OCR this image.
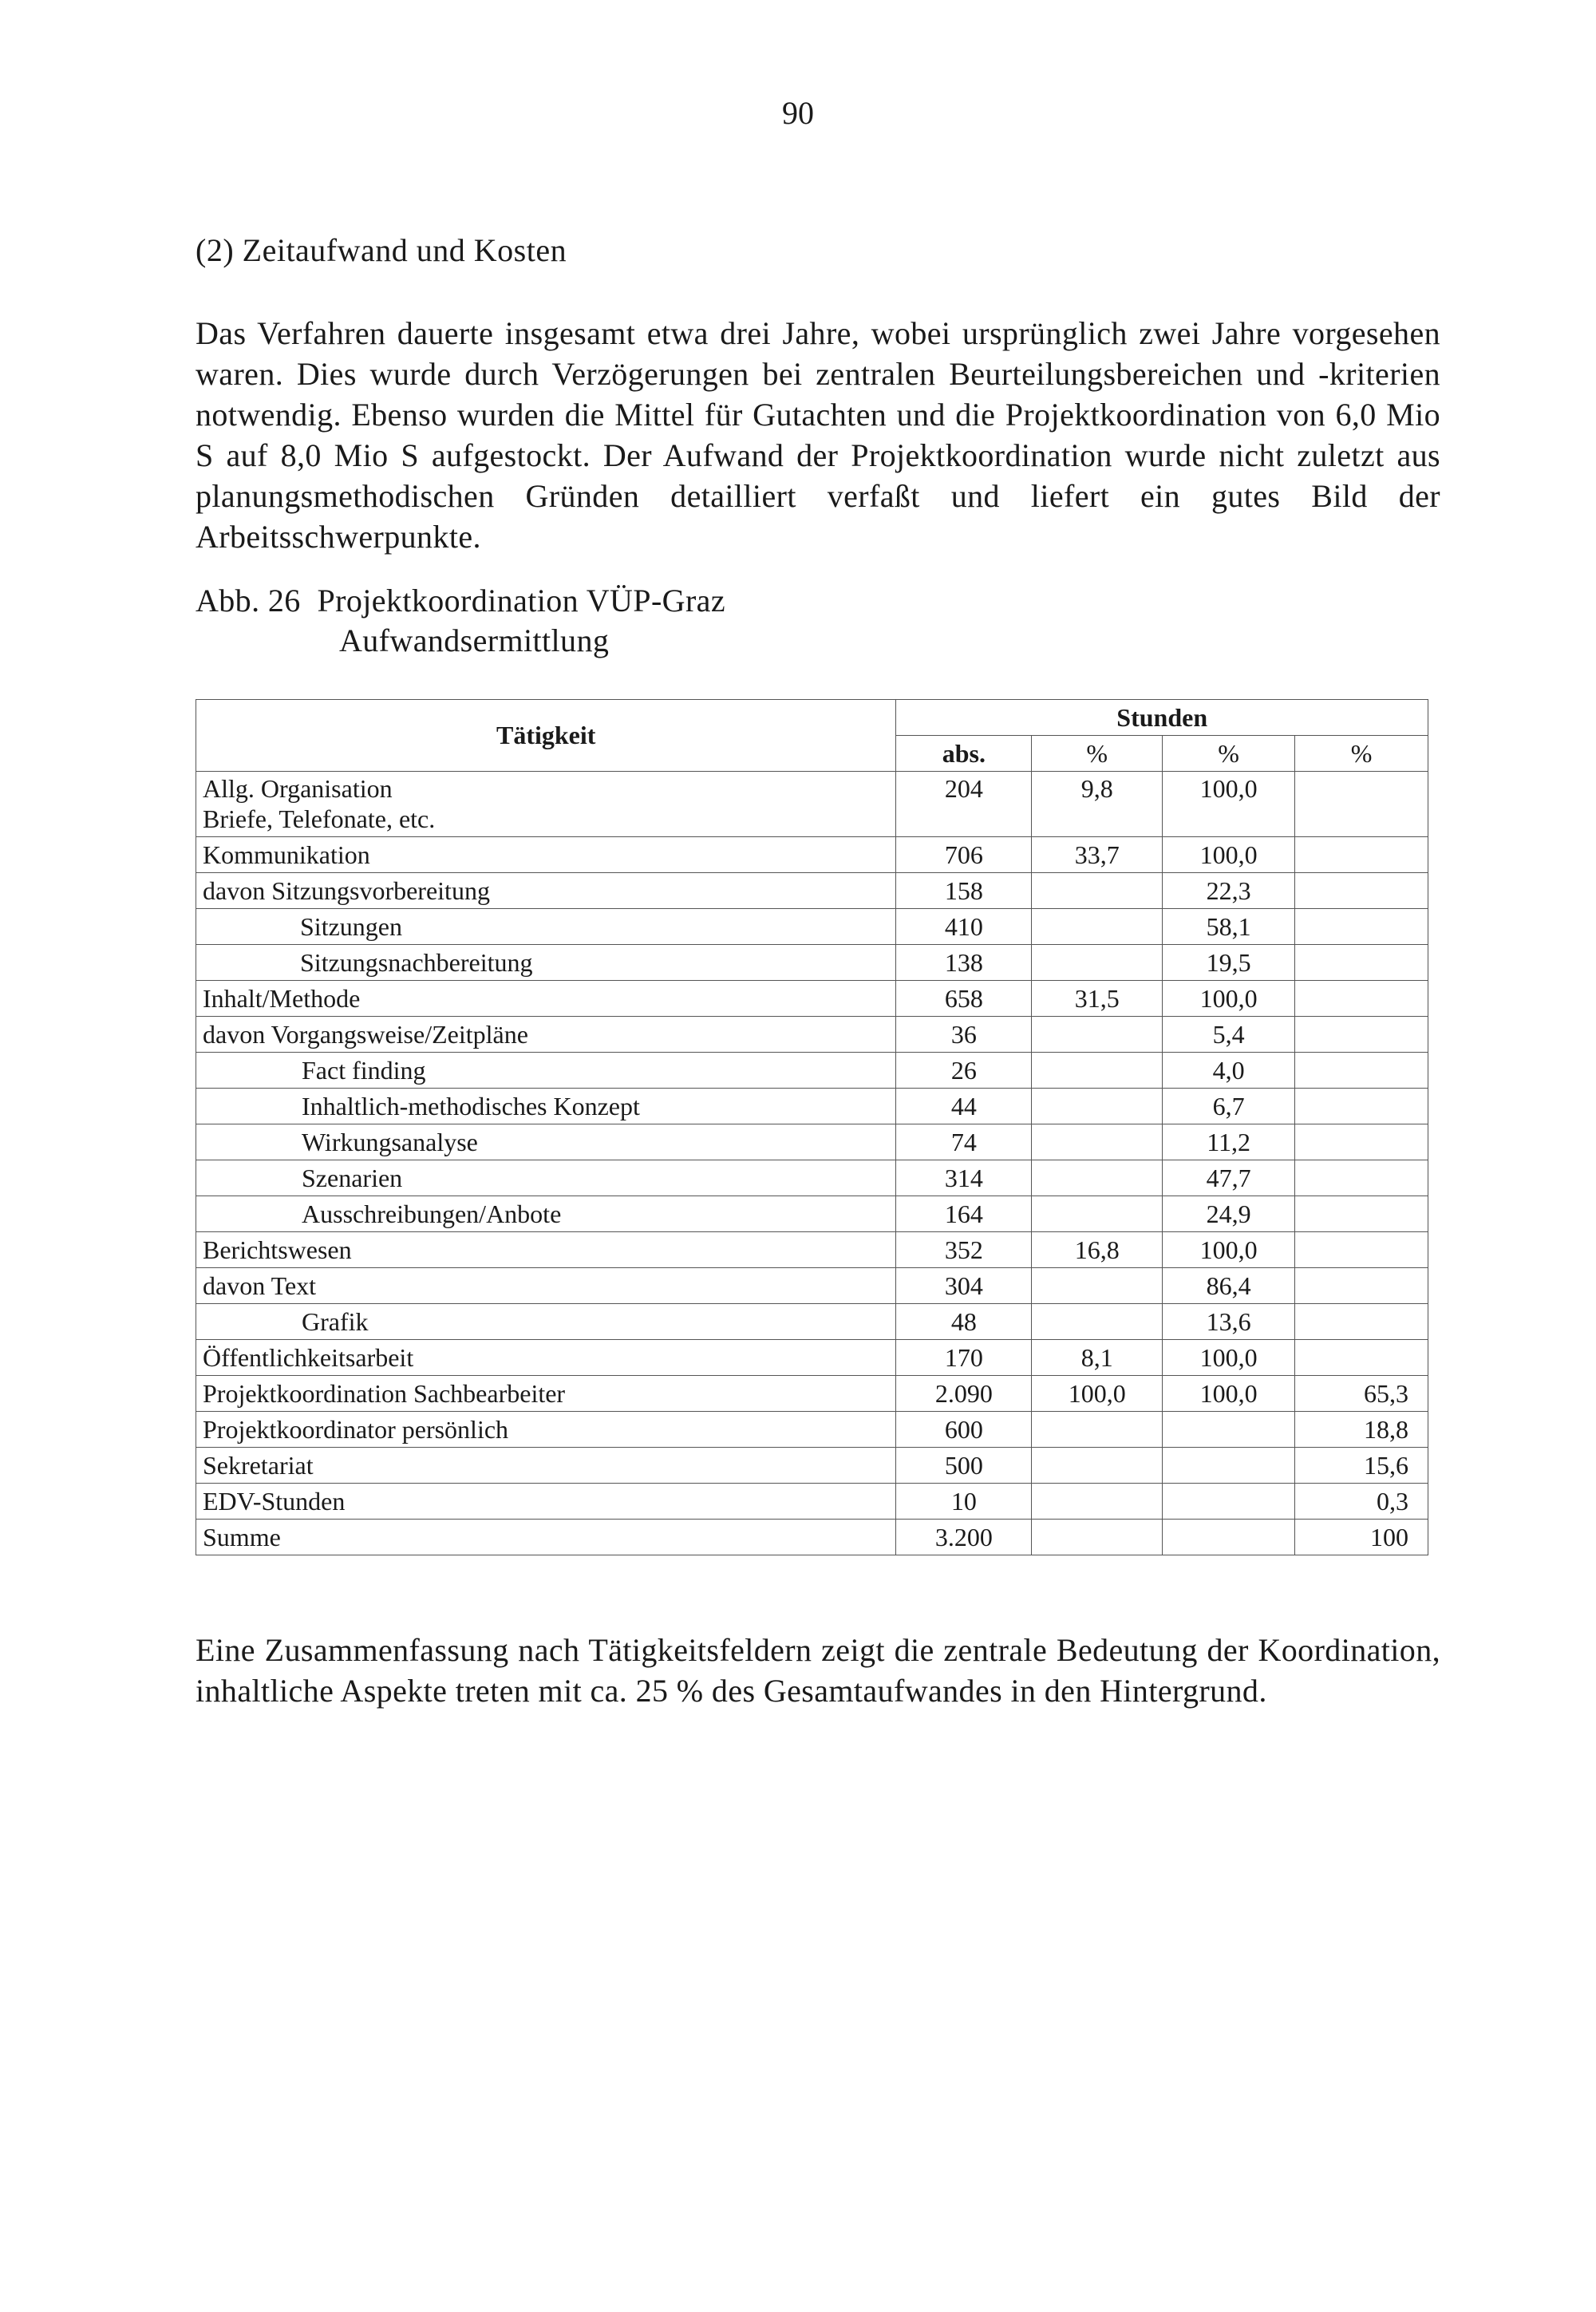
90
(2) Zeitaufwand und Kosten
Das Verfahren dauerte insgesamt etwa drei Jahre, wobei ursprünglich zwei Jahre vorgesehen waren. Dies wurde durch Verzögerungen bei zentralen Beurteilungsbereichen und -kriterien notwendig. Ebenso wurden die Mittel für Gutachten und die Projektkoordination von 6,0 Mio S auf 8,0 Mio S aufgestockt. Der Aufwand der Projektkoordination wurde nicht zuletzt aus planungsmethodischen Gründen detailliert verfaßt und liefert ein gutes Bild der Arbeitsschwerpunkte.
Abb. 26 Projektkoordination VÜP-Graz
Aufwandsermittlung
Tätigkeit	Stunden			
	abs.	%	%	%

Allg. Organisation
Briefe, Telefonate, etc.	204	9,8	100,0	
Kommunikation	706	33,7	100,0	
davon Sitzungsvorbereitung	158		22,3	
Sitzungen	410		58,1	
Sitzungsnachbereitung	138		19,5	
Inhalt/Methode	658	31,5	100,0	
davon Vorgangsweise/Zeitpläne	36		5,4	
Fact finding	26		4,0	
Inhaltlich-methodisches Konzept	44		6,7	
Wirkungsanalyse	74		11,2	
Szenarien	314		47,7	
Ausschreibungen/Anbote	164		24,9	
Berichtswesen	352	16,8	100,0	
davon Text	304		86,4	
Grafik	48		13,6	
Öffentlichkeitsarbeit	170	8,1	100,0	
Projektkoordination Sachbearbeiter	2.090	100,0	100,0	65,3
Projektkoordinator persönlich	600			18,8
Sekretariat	500			15,6
EDV-Stunden	10			0,3
Summe	3.200			100
Eine Zusammenfassung nach Tätigkeitsfeldern zeigt die zentrale Bedeutung der Koordination, inhaltliche Aspekte treten mit ca. 25 % des Gesamtaufwandes in den Hintergrund.
